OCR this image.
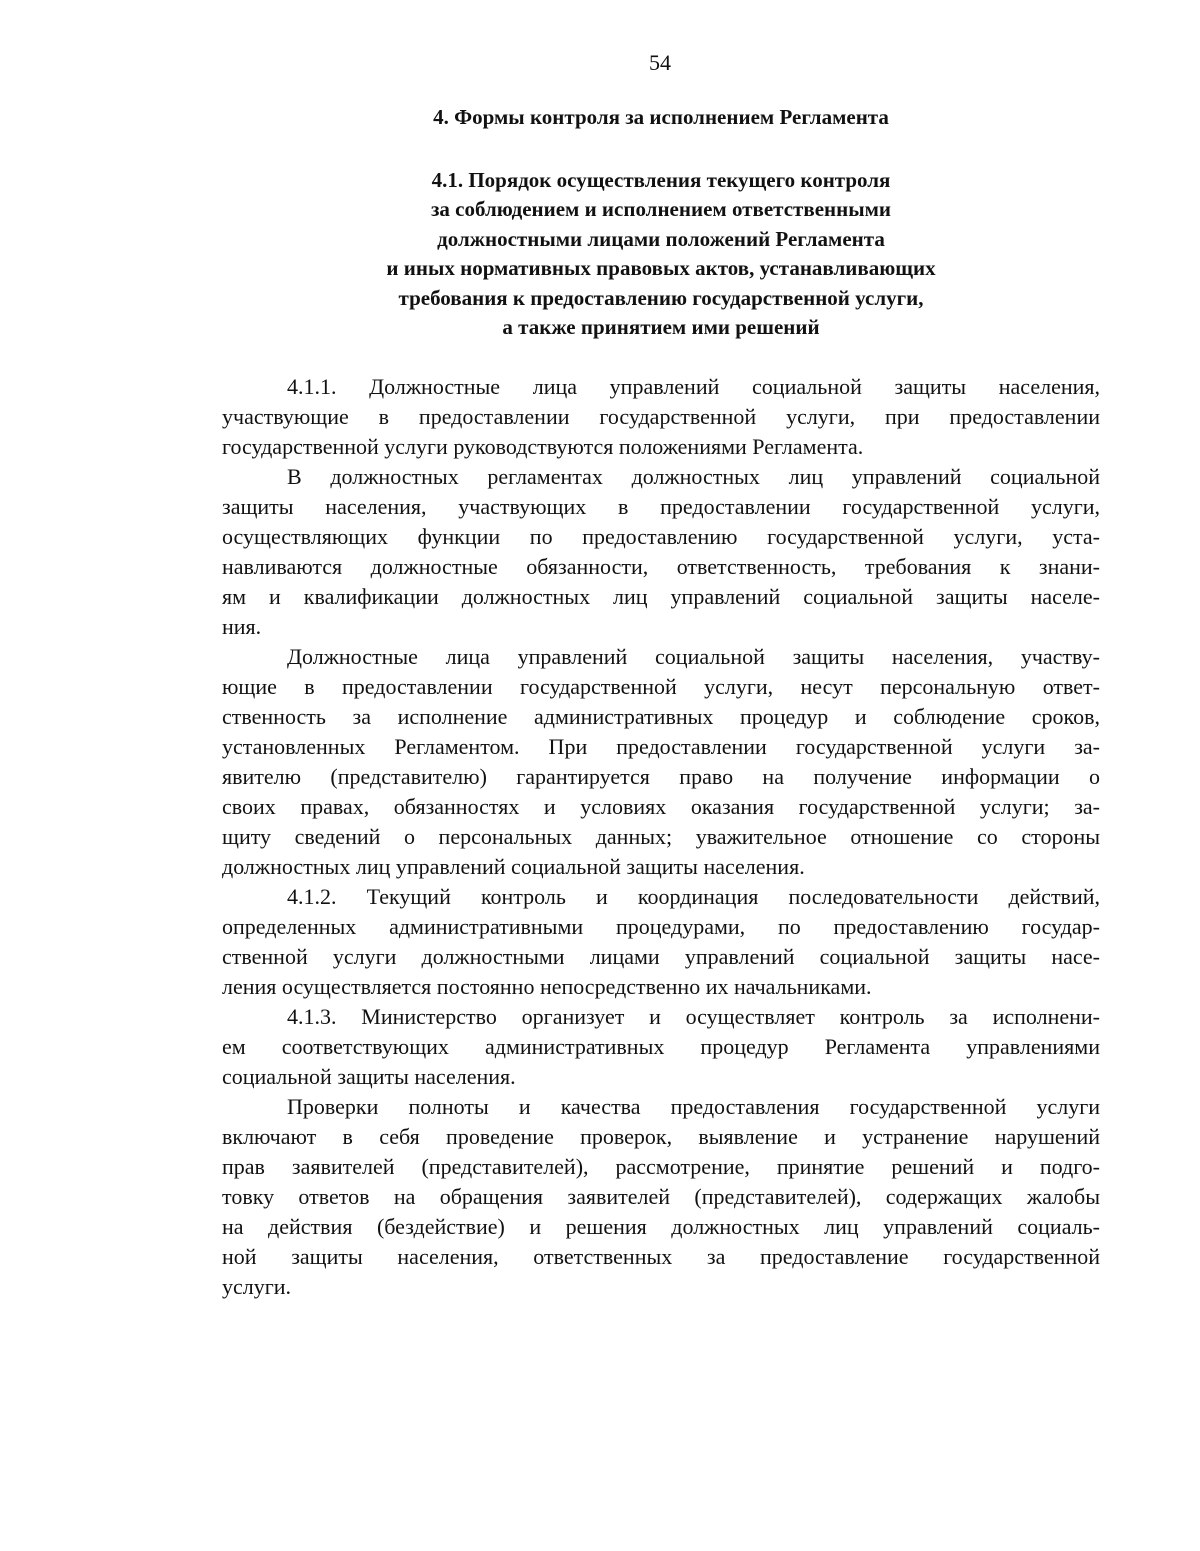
54
4. Формы контроля за исполнением Регламента
4.1. Порядок осуществления текущего контроля
за соблюдением и исполнением ответственными
должностными лицами положений Регламента
и иных нормативных правовых актов, устанавливающих
требования к предоставлению государственной услуги,
а также принятием ими решений

4.1.1. Должностные лица управлений социальной защиты населения,
участвующие в предоставлении государственной услуги, при предоставлении
государственной услуги руководствуются положениями Регламента.

В должностных регламентах должностных лиц управлений социальной
защиты населения, участвующих в предоставлении государственной услуги,
осуществляющих функции по предоставлению государственной услуги, уста-
навливаются должностные обязанности, ответственность, требования к знани-
ям и квалификации должностных лиц управлений социальной защиты населе-
ния.

Должностные лица управлений социальной защиты населения, участву-
ющие в предоставлении государственной услуги, несут персональную ответ-
ственность за исполнение административных процедур и соблюдение сроков,
установленных Регламентом. При предоставлении государственной услуги за-
явителю (представителю) гарантируется право на получение информации о
своих правах, обязанностях и условиях оказания государственной услуги; за-
щиту сведений о персональных данных; уважительное отношение со стороны
должностных лиц управлений социальной защиты населения.

4.1.2. Текущий контроль и координация последовательности действий,
определенных административными процедурами, по предоставлению государ-
ственной услуги должностными лицами управлений социальной защиты насе-
ления осуществляется постоянно непосредственно их начальниками.

4.1.3. Министерство организует и осуществляет контроль за исполнени-
ем соответствующих административных процедур Регламента управлениями
социальной защиты населения.

Проверки полноты и качества предоставления государственной услуги
включают в себя проведение проверок, выявление и устранение нарушений
прав заявителей (представителей), рассмотрение, принятие решений и подго-
товку ответов на обращения заявителей (представителей), содержащих жалобы
на действия (бездействие) и решения должностных лиц управлений социаль-
ной защиты населения, ответственных за предоставление государственной
услуги.
